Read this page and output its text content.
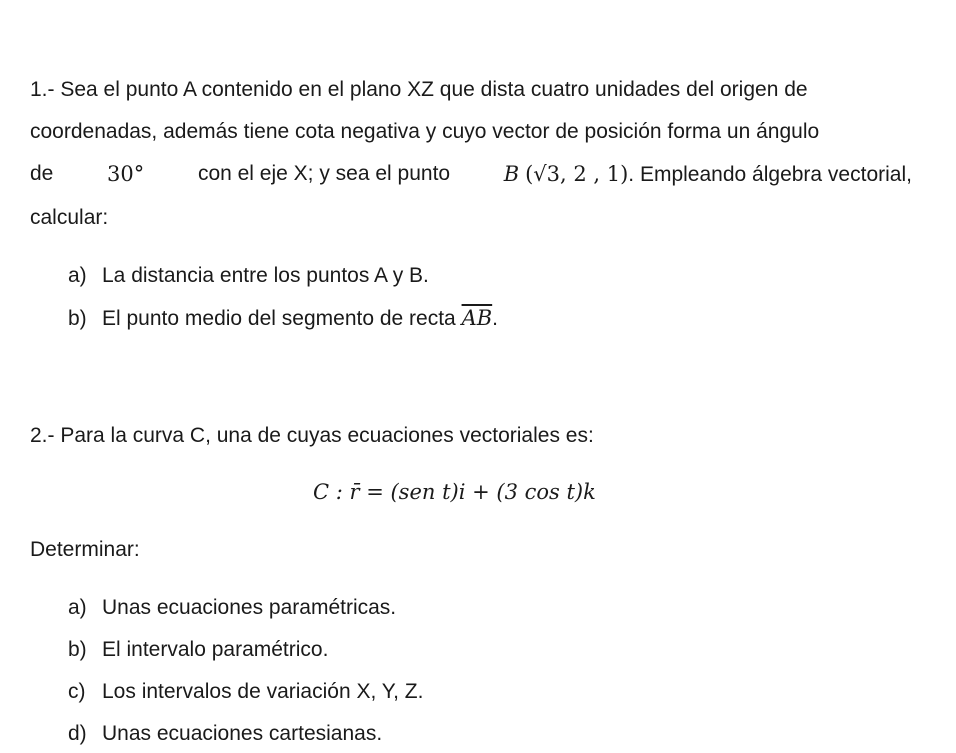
1.- Sea el punto A contenido en el plano XZ que dista cuatro unidades del origen de
coordenadas, además tiene cota negativa y cuyo vector de posición forma un ángulo
de	30°	con el eje X; y sea el punto	B (√3, 2 , 1). Empleando álgebra vectorial,
calcular:
a) La distancia entre los puntos A y B.
b) El punto medio del segmento de recta $\overline{AB}$.
2.- Para la curva C, una de cuyas ecuaciones vectoriales es:
C : r̄ = (sen t)i + (3 cos t)k
Determinar:
a) Unas ecuaciones paramétricas.
b) El intervalo paramétrico.
c) Los intervalos de variación X, Y, Z.
d) Unas ecuaciones cartesianas.
